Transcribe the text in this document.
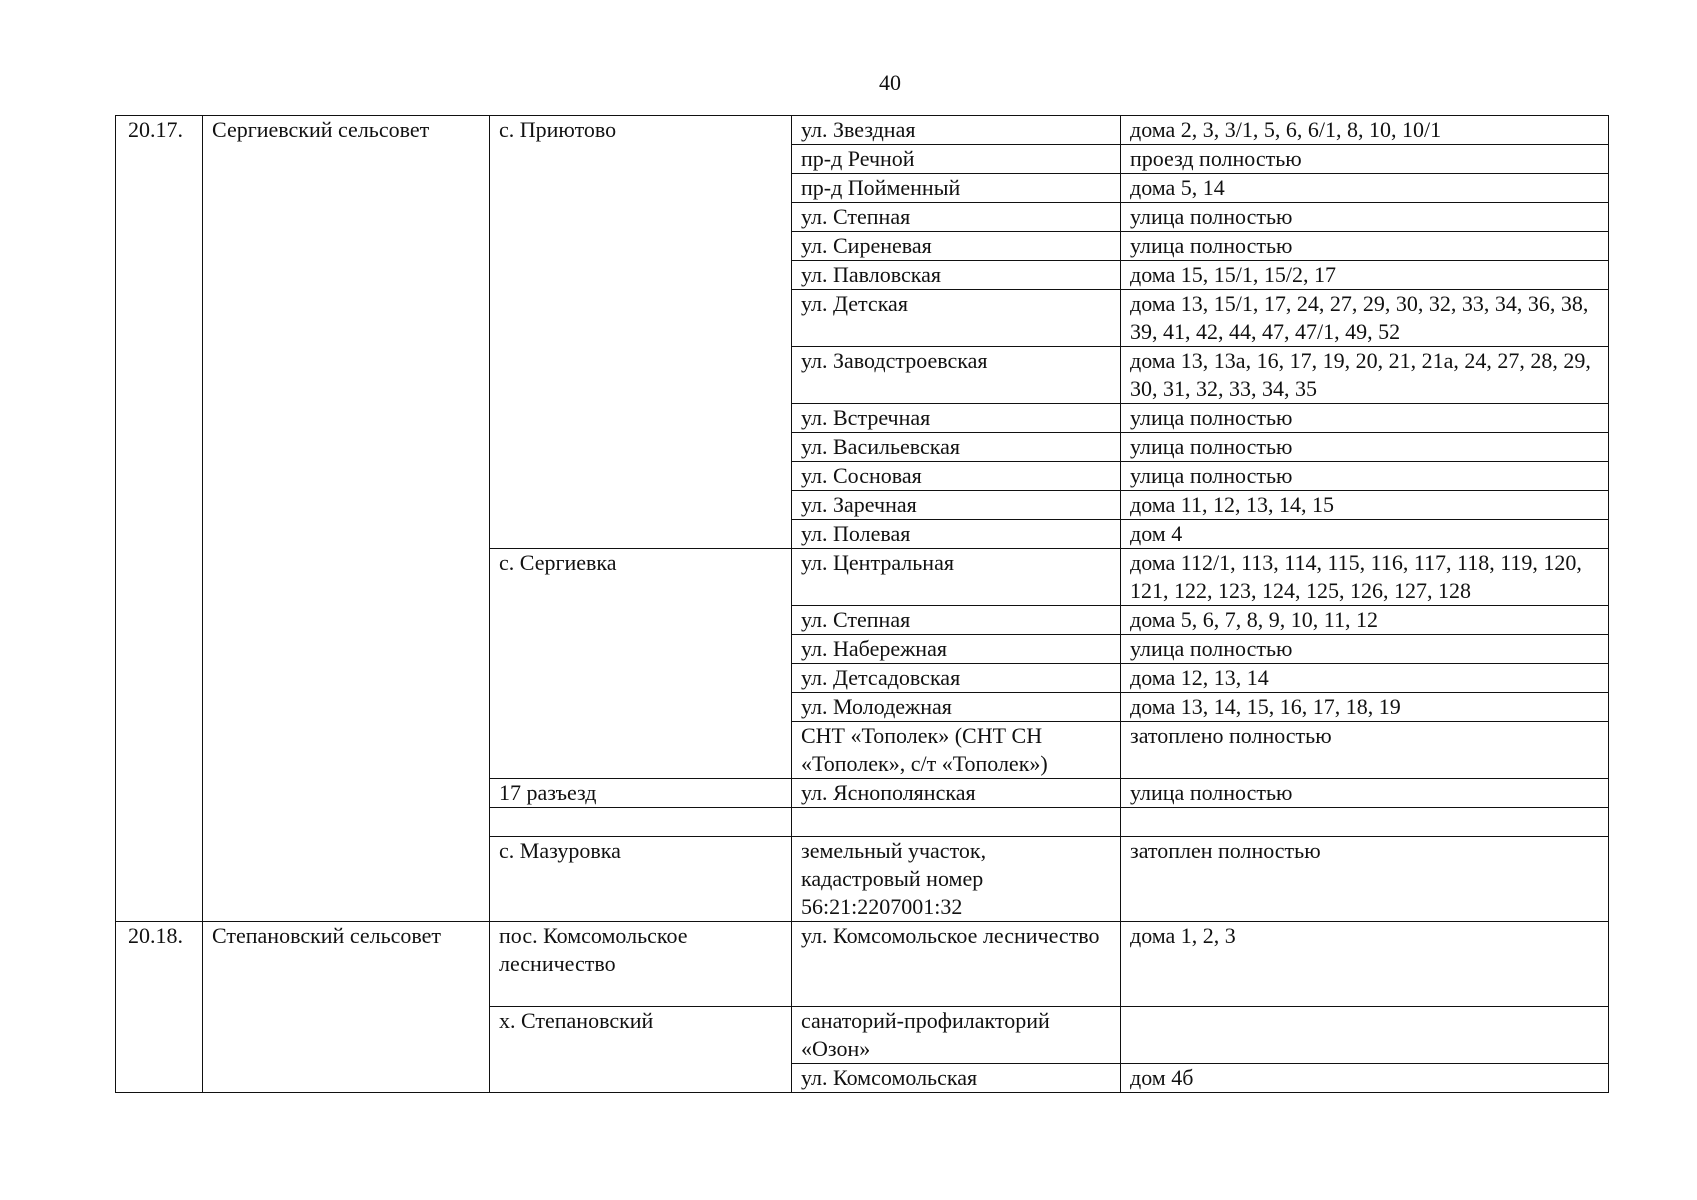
40
20.17.	Сергиевский сельсовет	с. Приютово	ул. Звездная	дома 2, 3, 3/1, 5, 6, 6/1, 8, 10, 10/1
			пр-д Речной	проезд полностью
			пр-д Пойменный	дома 5, 14
			ул. Степная	улица полностью
			ул. Сиреневая	улица полностью
			ул. Павловская	дома 15, 15/1, 15/2, 17
			ул. Детская	дома 13, 15/1, 17, 24, 27, 29, 30, 32, 33, 34, 36, 38, 39, 41, 42, 44, 47, 47/1, 49, 52
			ул. Заводстроевская	дома 13, 13а, 16, 17, 19, 20, 21, 21а, 24, 27, 28, 29, 30, 31, 32, 33, 34, 35
			ул. Встречная	улица полностью
			ул. Васильевская	улица полностью
			ул. Сосновая	улица полностью
			ул. Заречная	дома 11, 12, 13, 14, 15
			ул. Полевая	дом 4
		с. Сергиевка	ул. Центральная	дома 112/1, 113, 114, 115, 116, 117, 118, 119, 120, 121, 122, 123, 124, 125, 126, 127, 128
			ул. Степная	дома 5, 6, 7, 8, 9, 10, 11, 12
			ул. Набережная	улица полностью
			ул. Детсадовская	дома 12, 13, 14
			ул. Молодежная	дома 13, 14, 15, 16, 17, 18, 19
			СНТ «Тополек» (СНТ СН «Тополек», с/т «Тополек»)	затоплено полностью
		17 разъезд	ул. Яснополянская	улица полностью

		с. Мазуровка	земельный участок, кадастровый номер 56:21:2207001:32	затоплен полностью
20.18.	Степановский сельсовет	пос. Комсомольское лесничество	ул. Комсомольское лесничество	дома 1, 2, 3
		х. Степановский	санаторий-профилакторий «Озон»	
			ул. Комсомольская	дом 4б
